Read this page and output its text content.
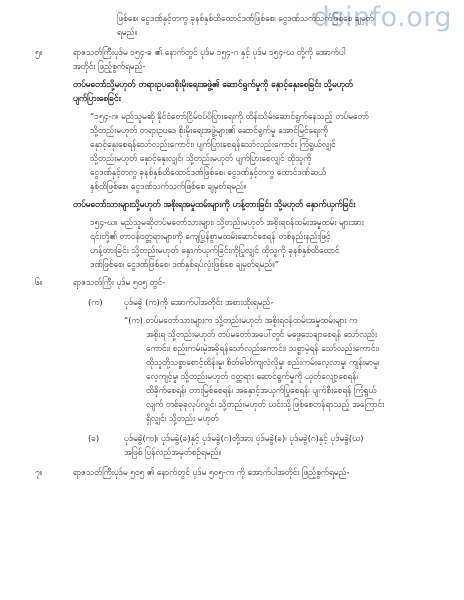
dsinfo.org
ဖြစ်စေ၊ ငွေဒဏ်နှင့်တကွ ခုနစ်နှစ်ထိထောင်ဒဏ်ဖြစ်စေ၊ ငွေဒဏ်သက်သက်ဖြစ်စေ ချမှတ်
ရမည်။
၅။	ရာဇသတ်ကြီးပုဒ်မ ၁၅၄-ခ ၏ နောက်တွင် ပုဒ်မ ၁၅၄-ဂ နှင့် ပုဒ်မ ၁၅၄-ဃ တို့ကို အောက်ပါ
အတိုင်း ဖြည့်စွက်ရမည်-
တပ်မတော်သို့မဟုတ် တရားဥပဒေစိုးမိုးရေးအဖွဲ့၏ ဆောင်ရွက်မှုကို နှောင့်နှေးစေခြင်း သို့မဟုတ်
ပျက်ပြားစေခြင်း
“၁၅၄-ဂ။ မည်သူမဆို နိုင်ငံတော်ငြိမ်ဝပ်ပိပြားရေးကို ထိန်းသိမ်းဆောင်ရွက်နေသည့် တပ်မတော်
သို့တည်းမဟုတ် တရားဥပဒေ စိုးမိုးရေးအဖွဲ့များ၏ ဆောင်ရွက်မှု အောင်မြင်ရေးကို
နှောင့်နှေးစေရန်သော်လည်းကောင်း၊ ပျက်ပြားစေရန်သော်လည်းကောင်း ကြံရွယ်လျှင်
သို့တည်းမဟုတ် နှောင့်နှေးလျှင်၊ သို့တည်းမဟုတ် ပျက်ပြားစေလျှင် ထိုသူကို
ငွေဒဏ်နှင့်တကွ ခုနစ်နှစ်ထိထောင်ဒဏ်ဖြစ်စေ၊ ငွေဒဏ်နှင့်တကွ ထောင်ဒဏ်ဆယ်
နှစ်ထိဖြစ်စေ၊ ငွေဒဏ်သက်သက်ဖြစ်စေ ချမှတ်ရမည်။
တပ်မတော်သားများသို့မဟုတ် အစိုးရအမှုထမ်းများကို ဟန့်တားခြင်း သို့မဟုတ် နှောက်ယှက်ခြင်း
၁၅၄-ဃ။ မည်သူမဆိုတပ်မတော်သားများ၊ သို့တည်းမဟုတ် အစိုးရဝန်ထမ်းအမှုထမ်း များအား
၎င်းတို့၏ တာဝန်ဝတ္တရားများကို ကျေပြွန်စွာမထမ်းဆောင်စေရန် တစ်နည်းနည်းဖြင့်
ဟန့်တားခြင်း သို့တည်းမဟုတ် နှောက်ယှက်ခြင်းကိုပြုလျှင် ထိုသူကို ခုနစ်နှစ်ထိထောင်
ဒဏ်ဖြစ်စေ၊ ငွေဒဏ်ဖြစ်စေ၊ ဒဏ်နှစ်ရပ်လုံးဖြစ်စေ ချမှတ်ရမည်။”
၆။	ရာဇသတ်ကြီး ပုဒ်မ ၅၀၅ တွင်-
(က)	ပုဒ်မခွဲ (က)ကို အောက်ပါအတိုင်း အစားထိုးရမည်-
“(က) တပ်မတော်သားများက သို့တည်းမဟုတ် အစိုးရဝန်ထမ်းအမှုထမ်းများ က
အစိုးရ သို့တည်းမဟုတ် တပ်မတော်အပေါ်တွင် မဖွေသေချာစေရန် သော်လည်း
ကောင်း၊ စည်းကမ်းမဲ့အခိုရန်သော်လည်းကောင်း၊ သစ္စာမဲ့ရန် သော်လည်းကောင်း၊
ထိုသူတို့သစ္စာစောင့်ထိန်းမှု၊ စိတ်ဓါတ်ကျလဲလိုမှု၊ စည်းကမ်းလေ့လာမှု၊ ကျန်းမာမှု၊
လေ့ကျင့်မှု၊ သို့တည်းမဟုတ် ဝတ္တရား ဆောင်ရွက်မှုကို ယုတ်လျော့စေရန်၊
ထိခိုက်စေရန်၊ တားမြစ်စေရန်၊ အနှောင့်အယှက်ပြုစေရန်၊ ပျက်စီးစေရန် ကြံရွယ်
လျက် တစ်ခုခုလုပ်လျှင်၊ သို့တည်းမဟုတ် ယင်းသို့ဖြစ်စေတန်ရာသည့် အကြောင်း
ရှိလျှင်၊ သို့တည်း မဟုတ်
(ခ)	ပုဒ်မခွဲ(က)၊ ပုဒ်မခွဲ(ခ)နှင့် ပုဒ်မခွဲ(ဂ)တို့အား ပုဒ်မခွဲ(ခ)၊ ပုဒ်မခွဲ(ဂ)နှင့် ပုဒ်မခွဲ(ဃ)
အဖြစ် ပြန်လည်အမှတ်စဉ်ရမည်။
၇။	ရာဇသတ်ကြီးပုဒ်မ ၅၀၅ ၏ နောက်တွင် ပုဒ်မ ၅၀၅-က ကို အောက်ပါအတိုင်း ဖြည့်စွက်ရမည်-
